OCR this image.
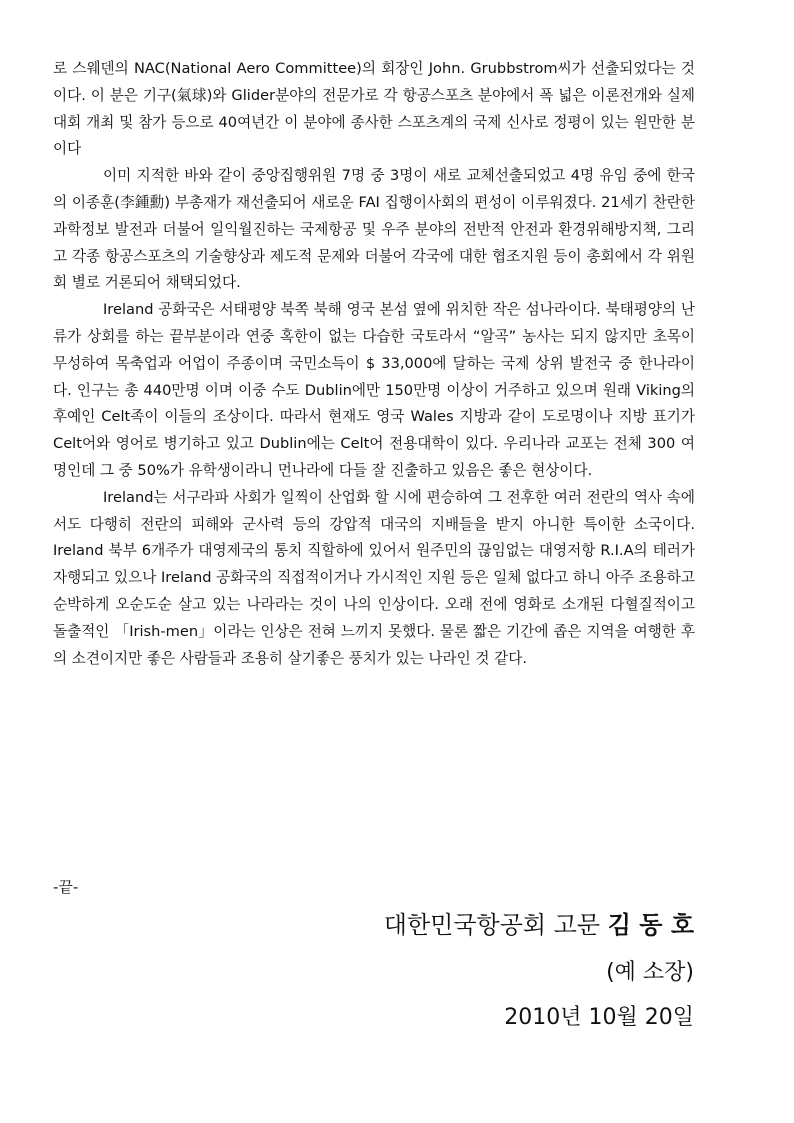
로 스웨덴의 NAC(National Aero Committee)의 회장인 John. Grubbstrom씨가 선출되었다는 것이다. 이 분은 기구(氣球)와 Glider분야의 전문가로 각 항공스포츠 분야에서 폭 넓은 이론전개와 실제대회 개최 및 참가 등으로 40여년간 이 분야에 종사한 스포츠계의 국제 신사로 정평이 있는 원만한 분이다

이미 지적한 바와 같이 중앙집행위원 7명 중 3명이 새로 교체선출되었고 4명 유임 중에 한국의 이종훈(李鍾勳) 부총재가 재선출되어 새로운 FAI 집행이사회의 편성이 이루워졌다. 21세기 찬란한 과학정보 발전과 더불어 일익월진하는 국제항공 및 우주 분야의 전반적 안전과 환경위해방지책, 그리고 각종 항공스포츠의 기술향상과 제도적 문제와 더불어 각국에 대한 협조지원 등이 총회에서 각 위원회 별로 거론되어 채택되었다.

Ireland 공화국은 서태평양 북쪽 북해 영국 본섬 옆에 위치한 작은 섬나라이다. 북태평양의 난류가 상회를 하는 끝부분이라 연중 혹한이 없는 다습한 국토라서 “알곡” 농사는 되지 않지만 초목이 무성하여 목축업과 어업이 주종이며 국민소득이 $ 33,000에 달하는 국제 상위 발전국 중 한나라이다. 인구는 총 440만명 이며 이중 수도 Dublin에만 150만명 이상이 거주하고 있으며 원래 Viking의 후예인 Celt족이 이들의 조상이다. 따라서 현재도 영국 Wales 지방과 같이 도로명이나 지방 표기가 Celt어와 영어로 병기하고 있고 Dublin에는 Celt어 전용대학이 있다. 우리나라 교포는 전체 300 여명인데 그 중 50%가 유학생이라니 먼나라에 다들 잘 진출하고 있음은 좋은 현상이다.

Ireland는 서구라파 사회가 일찍이 산업화 할 시에 편승하여 그 전후한 여러 전란의 역사 속에서도 다행히 전란의 피해와 군사력 등의 강압적 대국의 지배들을 받지 아니한 특이한 소국이다. Ireland 북부 6개주가 대영제국의 통치 직할하에 있어서 원주민의 끊임없는 대영저항 R.I.A의 테러가 자행되고 있으나 Ireland 공화국의 직접적이거나 가시적인 지원 등은 일체 없다고 하니 아주 조용하고 순박하게 오순도순 살고 있는 나라라는 것이 나의 인상이다. 오래 전에 영화로 소개된 다혈질적이고 돌출적인 「Irish-men」이라는 인상은 전혀 느끼지 못했다. 물론 짧은 기간에 좁은 지역을 여행한 후의 소견이지만 좋은 사람들과 조용히 살기좋은 풍치가 있는 나라인 것 같다.

-끝-
대한민국항공회 고문 김 동 호
(예 소장)
2010년 10월 20일
